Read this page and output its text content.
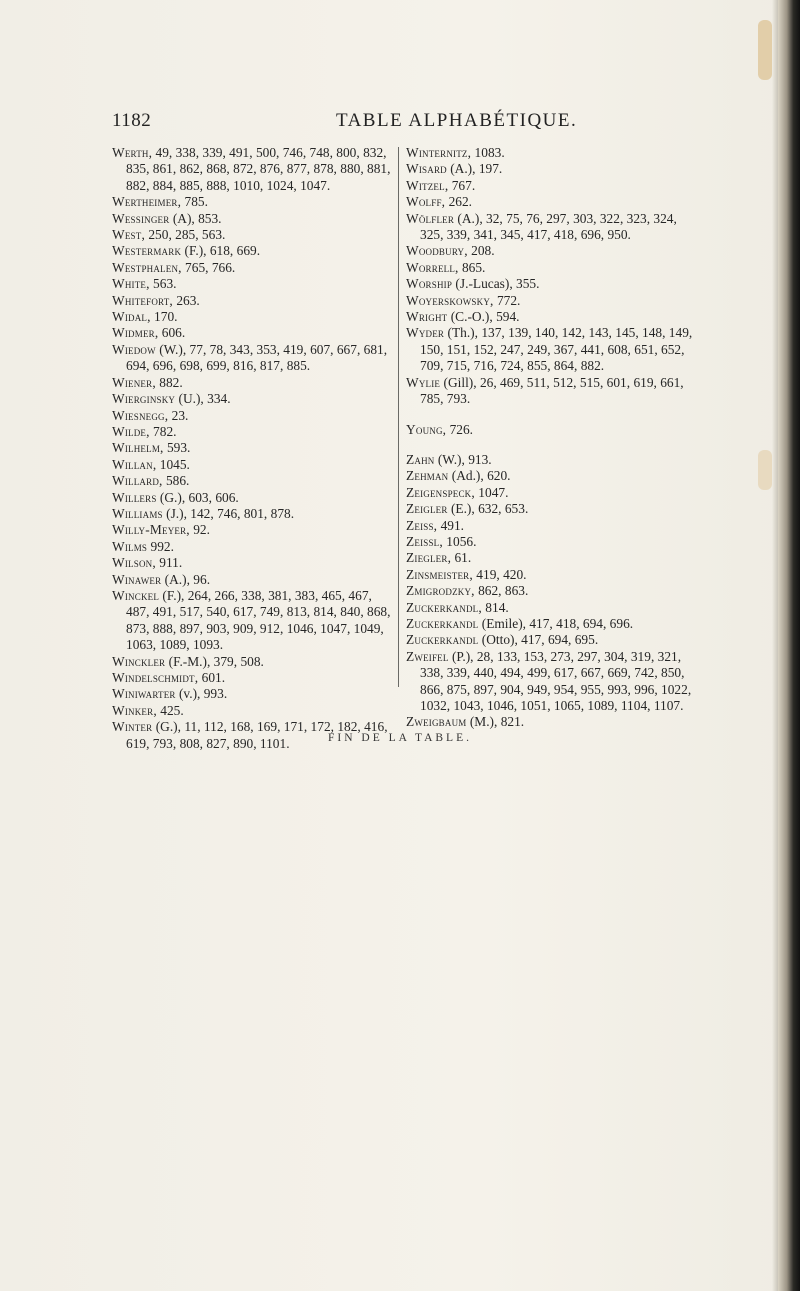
1182	TABLE ALPHABÉTIQUE.

Werth, 49, 338, 339, 491, 500, 746, 748, 800, 832, 835, 861, 862, 868, 872, 876, 877, 878, 880, 881, 882, 884, 885, 888, 1010, 1024, 1047.

Wertheimer, 785.

Wessinger (A), 853.

West, 250, 285, 563.

Westermark (F.), 618, 669.

Westphalen, 765, 766.

White, 563.

Whitefort, 263.

Widal, 170.

Widmer, 606.

Wiedow (W.), 77, 78, 343, 353, 419, 607, 667, 681, 694, 696, 698, 699, 816, 817, 885.

Wiener, 882.

Wierginsky (U.), 334.

Wiesnegg, 23.

Wilde, 782.

Wilhelm, 593.

Willan, 1045.

Willard, 586.

Willers (G.), 603, 606.

Williams (J.), 142, 746, 801, 878.

Willy-Meyer, 92.

Wilms 992.

Wilson, 911.

Winawer (A.), 96.

Winckel (F.), 264, 266, 338, 381, 383, 465, 467, 487, 491, 517, 540, 617, 749, 813, 814, 840, 868, 873, 888, 897, 903, 909, 912, 1046, 1047, 1049, 1063, 1089, 1093.

Winckler (F.-M.), 379, 508.

Windelschmidt, 601.

Winiwarter (v.), 993.

Winker, 425.

Winter (G.), 11, 112, 168, 169, 171, 172, 182, 416, 619, 793, 808, 827, 890, 1101.

Winternitz, 1083.

Wisard (A.), 197.

Witzel, 767.

Wolff, 262.

Wölfler (A.), 32, 75, 76, 297, 303, 322, 323, 324, 325, 339, 341, 345, 417, 418, 696, 950.

Woodbury, 208.

Worrell, 865.

Worship (J.-Lucas), 355.

Woyerskowsky, 772.

Wright (C.-O.), 594.

Wyder (Th.), 137, 139, 140, 142, 143, 145, 148, 149, 150, 151, 152, 247, 249, 367, 441, 608, 651, 652, 709, 715, 716, 724, 855, 864, 882.

Wylie (Gill), 26, 469, 511, 512, 515, 601, 619, 661, 785, 793.

Young, 726.

Zahn (W.), 913.

Zehman (Ad.), 620.

Zeigenspeck, 1047.

Zeigler (E.), 632, 653.

Zeiss, 491.

Zeissl, 1056.

Ziegler, 61.

Zinsmeister, 419, 420.

Zmigrodzky, 862, 863.

Zuckerkandl, 814.

Zuckerkandl (Emile), 417, 418, 694, 696.

Zuckerkandl (Otto), 417, 694, 695.

Zweifel (P.), 28, 133, 153, 273, 297, 304, 319, 321, 338, 339, 440, 494, 499, 617, 667, 669, 742, 850, 866, 875, 897, 904, 949, 954, 955, 993, 996, 1022, 1032, 1043, 1046, 1051, 1065, 1089, 1104, 1107.

Zweigbaum (M.), 821.

FIN DE LA TABLE.
